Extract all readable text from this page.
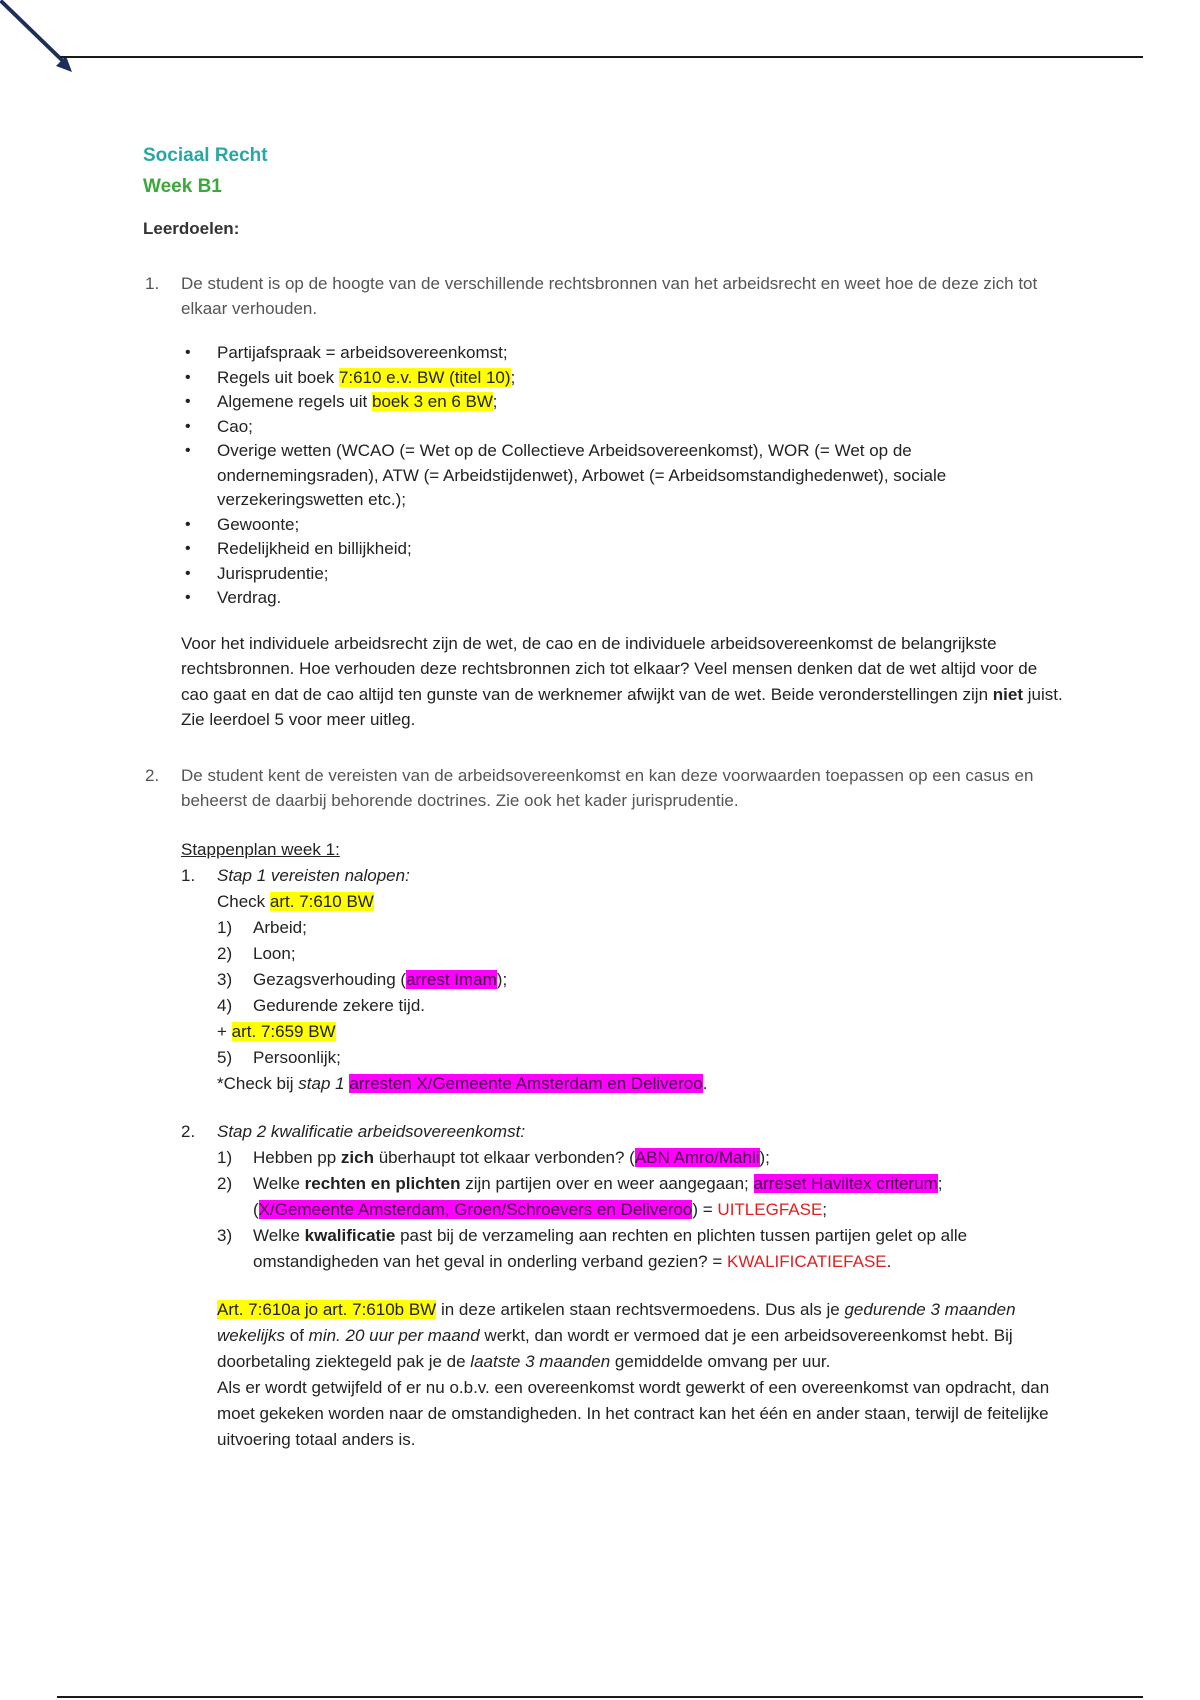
Sociaal Recht

Week B1

Leerdoelen:

1. De student is op de hoogte van de verschillende rechtsbronnen van het arbeidsrecht en weet hoe de deze zich tot elkaar verhouden.
• Partijafspraak = arbeidsovereenkomst;
• Regels uit boek 7:610 e.v. BW (titel 10);
• Algemene regels uit boek 3 en 6 BW;
• Cao;
• Overige wetten (WCAO (= Wet op de Collectieve Arbeidsovereenkomst), WOR (= Wet op de ondernemingsraden), ATW (= Arbeidstijdenwet), Arbowet (= Arbeidsomstandighedenwet), sociale verzekeringswetten etc.);
• Gewoonte;
• Redelijkheid en billijkheid;
• Jurisprudentie;
• Verdrag.

Voor het individuele arbeidsrecht zijn de wet, de cao en de individuele arbeidsovereenkomst de belangrijkste rechtsbronnen. Hoe verhouden deze rechtsbronnen zich tot elkaar? Veel mensen denken dat de wet altijd voor de cao gaat en dat de cao altijd ten gunste van de werknemer afwijkt van de wet. Beide veronderstellingen zijn niet juist. Zie leerdoel 5 voor meer uitleg.

2. De student kent de vereisten van de arbeidsovereenkomst en kan deze voorwaarden toepassen op een casus en beheerst de daarbij behorende doctrines. Zie ook het kader jurisprudentie.
Stappenplan week 1:
1. Stap 1 vereisten nalopen:
Check art. 7:610 BW
1) Arbeid;
2) Loon;
3) Gezagsverhouding (arrest Imam);
4) Gedurende zekere tijd.
+ art. 7:659 BW
5) Persoonlijk;
*Check bij stap 1 arresten X/Gemeente Amsterdam en Deliveroo.
2. Stap 2 kwalificatie arbeidsovereenkomst:
1) Hebben pp zich überhaupt tot elkaar verbonden? (ABN Amro/Mahli);
2) Welke rechten en plichten zijn partijen over en weer aangegaan; arreset Haviltex criterum;
(X/Gemeente Amsterdam, Groen/Schroevers en Deliveroo) = UITLEGFASE;
3) Welke kwalificatie past bij de verzameling aan rechten en plichten tussen partijen gelet op alle omstandigheden van het geval in onderling verband gezien? = KWALIFICATIEFASE.
Art. 7:610a jo art. 7:610b BW in deze artikelen staan rechtsvermoedens. Dus als je gedurende 3 maanden wekelijks of min. 20 uur per maand werkt, dan wordt er vermoed dat je een arbeidsovereenkomst hebt. Bij doorbetaling ziektegeld pak je de laatste 3 maanden gemiddelde omvang per uur.
Als er wordt getwijfeld of er nu o.b.v. een overeenkomst wordt gewerkt of een overeenkomst van opdracht, dan moet gekeken worden naar de omstandigheden. In het contract kan het één en ander staan, terwijl de feitelijke uitvoering totaal anders is.
